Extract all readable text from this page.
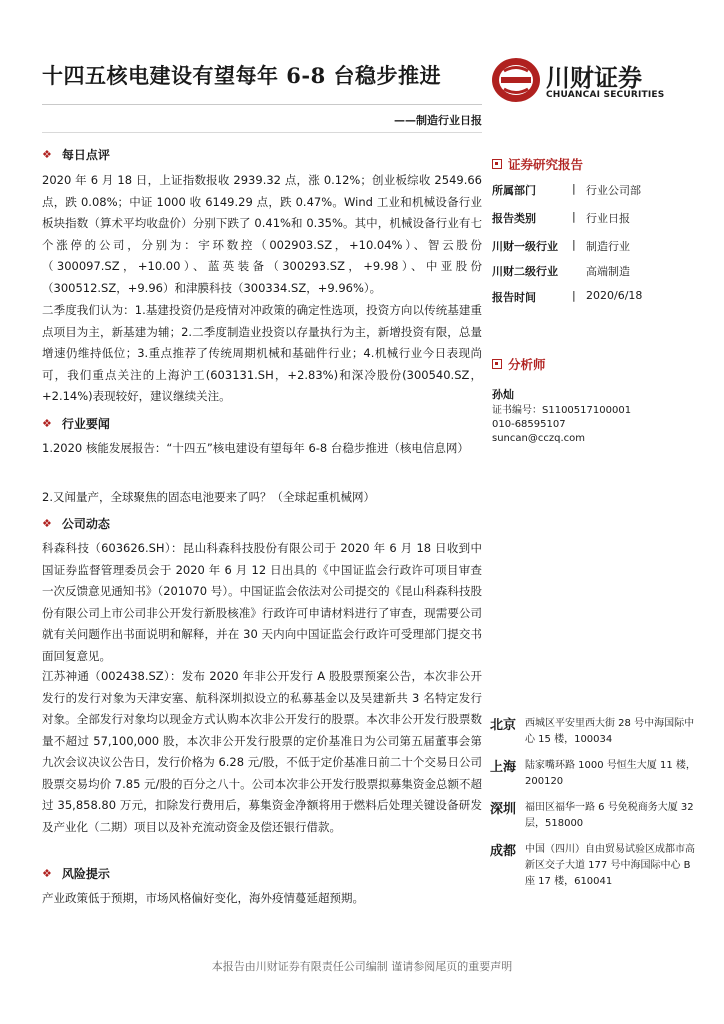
十四五核电建设有望每年 6-8 台稳步推进
——制造行业日报
川财证券
CHUANCAI SECURITIES
❖ 每日点评
2020 年 6 月 18 日，上证指数报收 2939.32 点，涨 0.12%；创业板综收 2549.66 点，跌 0.08%；中证 1000 收 6149.29 点，跌 0.47%。Wind 工业和机械设备行业板块指数（算术平均收盘价）分别下跌了 0.41%和 0.35%。其中，机械设备行业有七个涨停的公司，分别为：宇环数控（002903.SZ，+10.04%）、智云股份（300097.SZ，+10.00）、蓝英装备（300293.SZ，+9.98）、中亚股份（300512.SZ，+9.96）和津膜科技（300334.SZ，+9.96%）。
二季度我们认为：1.基建投资仍是疫情对冲政策的确定性选项，投资方向以传统基建重点项目为主，新基建为辅；2.二季度制造业投资以存量执行为主，新增投资有限，总量增速仍维持低位；3.重点推荐了传统周期机械和基础件行业；4.机械行业今日表现尚可，我们重点关注的上海沪工(603131.SH，+2.83%)和深冷股份(300540.SZ，+2.14%)表现较好，建议继续关注。
❖ 行业要闻
1.2020 核能发展报告：“十四五”核电建设有望每年 6-8 台稳步推进（核电信息网）
2.又闻量产，全球聚焦的固态电池要来了吗？（全球起重机械网）
❖ 公司动态
科森科技（603626.SH）：昆山科森科技股份有限公司于 2020 年 6 月 18 日收到中国证券监督管理委员会于 2020 年 6 月 12 日出具的《中国证监会行政许可项目审查一次反馈意见通知书》（201070 号）。中国证监会依法对公司提交的《昆山科森科技股份有限公司上市公司非公开发行新股核准》行政许可申请材料进行了审查，现需要公司就有关问题作出书面说明和解释，并在 30 天内向中国证监会行政许可受理部门提交书面回复意见。
江苏神通（002438.SZ）：发布 2020 年非公开发行 A 股股票预案公告，本次非公开发行的发行对象为天津安塞、航科深圳拟设立的私募基金以及吴建新共 3 名特定发行对象。全部发行对象均以现金方式认购本次非公开发行的股票。本次非公开发行股票数量不超过 57,100,000 股，本次非公开发行股票的定价基准日为公司第五届董事会第九次会议决议公告日，发行价格为 6.28 元/股，不低于定价基准日前二十个交易日公司股票交易均价 7.85 元/股的百分之八十。公司本次非公开发行股票拟募集资金总额不超过 35,858.80 万元，扣除发行费用后，募集资金净额将用于燃料后处理关键设备研发及产业化（二期）项目以及补充流动资金及偿还银行借款。
❖ 风险提示
产业政策低于预期，市场风格偏好变化，海外疫情蔓延超预期。
证券研究报告
所属部门	| 行业公司部
报告类别	| 行业日报
川财一级行业	| 制造行业
川财二级行业	高端制造
报告时间	| 2020/6/18
分析师
孙灿
证书编号：S1100517100001
010-68595107
suncan@cczq.com
北京 西城区平安里西大街 28 号中海国际中心 15 楼，100034
上海 陆家嘴环路 1000 号恒生大厦 11 楼，200120
深圳 福田区福华一路 6 号免税商务大厦 32 层，518000
成都 中国（四川）自由贸易试验区成都市高新区交子大道 177 号中海国际中心 B 座 17 楼，610041
本报告由川财证券有限责任公司编制 谨请参阅尾页的重要声明
